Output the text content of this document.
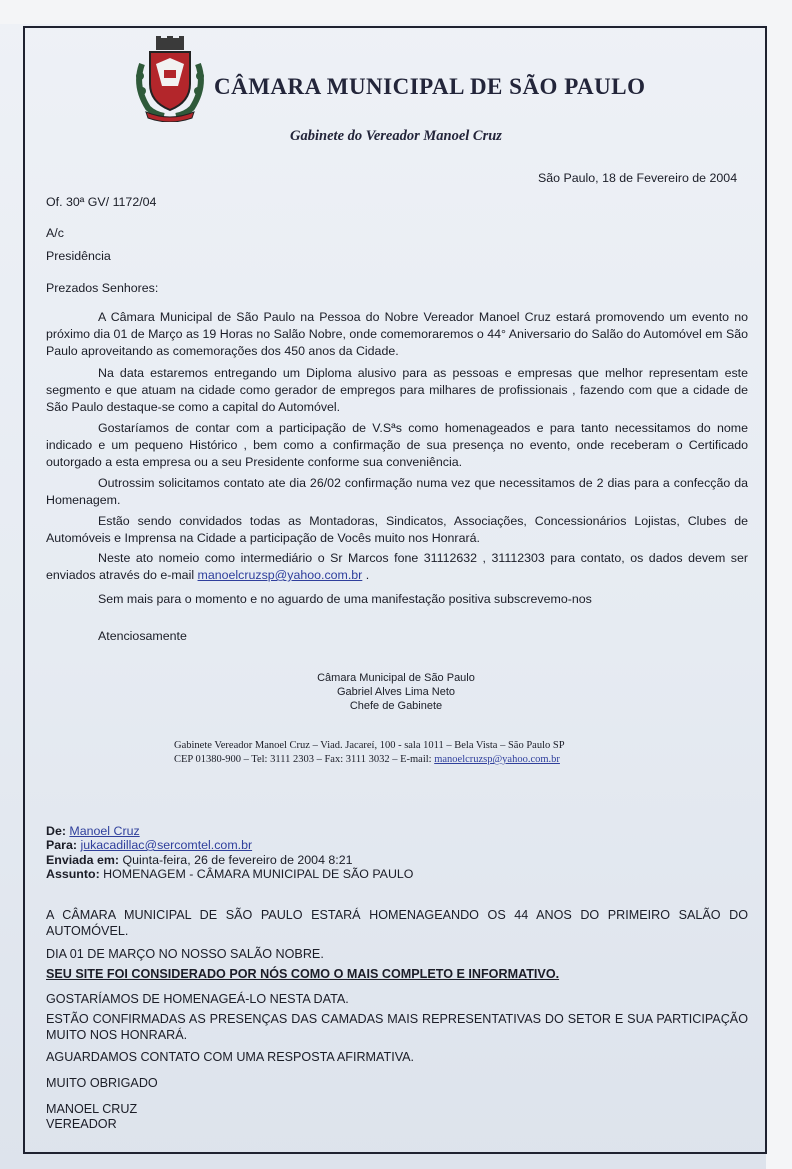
CÂMARA MUNICIPAL DE SÃO PAULO
Gabinete do Vereador Manoel Cruz
São Paulo, 18 de Fevereiro de 2004
Of. 30ª GV/ 1172/04
A/c
Presidência
Prezados Senhores:
A Câmara Municipal de São Paulo na Pessoa do Nobre Vereador Manoel Cruz estará promovendo um evento no próximo dia 01 de Março as 19 Horas no Salão Nobre, onde comemoraremos o 44° Aniversario do Salão do Automóvel em São Paulo aproveitando as comemorações dos 450 anos da Cidade.
Na data estaremos entregando um Diploma alusivo para as pessoas e empresas que melhor representam este segmento e que atuam na cidade como gerador de empregos para milhares de profissionais , fazendo com que a cidade de São Paulo destaque-se como a capital do Automóvel.
Gostaríamos de contar com a participação de V.Sªs como homenageados e para tanto necessitamos do nome indicado e um pequeno Histórico , bem como a confirmação de sua presença no evento, onde receberam o Certificado outorgado a esta empresa ou a seu Presidente conforme sua conveniência.
Outrossim solicitamos contato ate dia 26/02 confirmação numa vez que necessitamos de 2 dias para a confecção da Homenagem.
Estão sendo convidados todas as Montadoras, Sindicatos, Associações, Concessionários Lojistas, Clubes de Automóveis e Imprensa na Cidade a participação de Vocês muito nos Honrará.
Neste ato nomeio como intermediário o Sr Marcos fone 31112632 , 31112303 para contato, os dados devem ser enviados através do e-mail manoelcruzsp@yahoo.com.br .
Sem mais para o momento e no aguardo de uma manifestação positiva subscrevemo-nos
Atenciosamente
Câmara Municipal de São Paulo
Gabriel Alves Lima Neto
Chefe de Gabinete
Gabinete Vereador Manoel Cruz – Viad. Jacareí, 100 - sala 1011 – Bela Vista – São Paulo SP
CEP 01380-900 – Tel: 3111 2303 – Fax: 3111 3032 – E-mail: manoelcruzsp@yahoo.com.br
De: Manoel Cruz
Para: jukacadillac@sercomtel.com.br
Enviada em: Quinta-feira, 26 de fevereiro de 2004 8:21
Assunto: HOMENAGEM - CÂMARA MUNICIPAL DE SÃO PAULO
A CÂMARA MUNICIPAL DE SÃO PAULO ESTARÁ HOMENAGEANDO OS 44 ANOS DO PRIMEIRO SALÃO DO AUTOMÓVEL.
DIA 01 DE MARÇO NO NOSSO SALÃO NOBRE.
SEU SITE FOI CONSIDERADO POR NÓS COMO O MAIS COMPLETO E INFORMATIVO.
GOSTARÍAMOS DE HOMENAGEÁ-LO NESTA DATA.
ESTÃO CONFIRMADAS AS PRESENÇAS DAS CAMADAS MAIS REPRESENTATIVAS DO SETOR E SUA PARTICIPAÇÃO MUITO NOS HONRARÁ.
AGUARDAMOS CONTATO COM UMA RESPOSTA AFIRMATIVA.
MUITO OBRIGADO
MANOEL CRUZ
VEREADOR
